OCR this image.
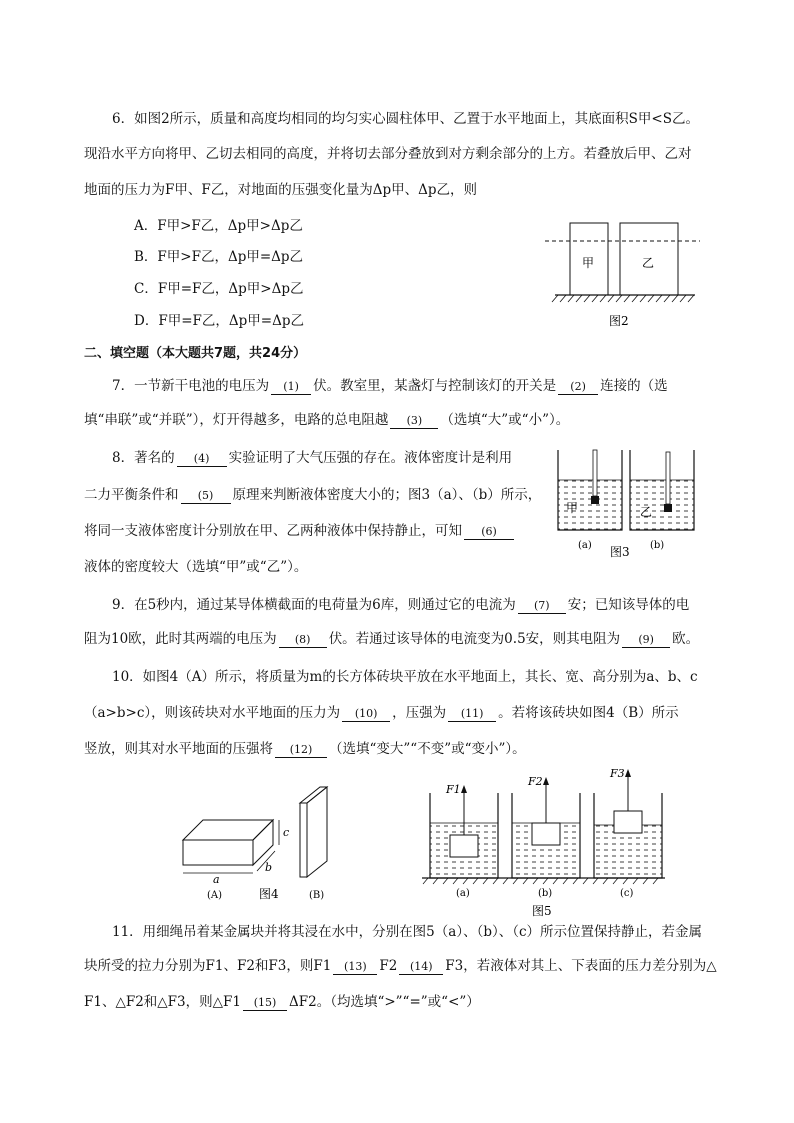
6．如图2所示，质量和高度均相同的均匀实心圆柱体甲、乙置于水平地面上，其底面积S甲<S乙。
现沿水平方向将甲、乙切去相同的高度，并将切去部分叠放到对方剩余部分的上方。若叠放后甲、乙对
地面的压力为F甲、F乙，对地面的压强变化量为Δp甲、Δp乙，则
A．F甲>F乙，Δp甲>Δp乙
B．F甲>F乙，Δp甲=Δp乙
C．F甲=F乙，Δp甲>Δp乙
D．F甲=F乙，Δp甲=Δp乙
甲	乙
图2
二、填空题（本大题共7题，共24分）
7．一节新干电池的电压为 (1) 伏。教室里，某盏灯与控制该灯的开关是 (2) 连接的（选
填“串联”或“并联”），灯开得越多，电路的总电阻越 (3) （选填“大”或“小”）。
8．著名的 (4) 实验证明了大气压强的存在。液体密度计是利用
二力平衡条件和 (5) 原理来判断液体密度大小的；图3（a）、（b）所示，
将同一支液体密度计分别放在甲、乙两种液体中保持静止，可知 (6)
液体的密度较大（选填“甲”或“乙”）。
甲	乙
(a)	(b)
图3
9．在5秒内，通过某导体横截面的电荷量为6库，则通过它的电流为 (7) 安；已知该导体的电
阻为10欧，此时其两端的电压为 (8) 伏。若通过该导体的电流变为0.5安，则其电阻为 (9) 欧。
10．如图4（A）所示，将质量为m的长方体砖块平放在水平地面上，其长、宽、高分别为a、b、c
（a>b>c），则该砖块对水平地面的压力为 (10) ，压强为 (11) 。若将该砖块如图4（B）所示
竖放，则其对水平地面的压强将 (12) （选填“变大”“不变”或“变小”）。
a
b
c
(A)	图4	(B)
F1
F2
F3
(a)	(b)	(c)
图5
11．用细绳吊着某金属块并将其浸在水中，分别在图5（a）、（b）、（c）所示位置保持静止，若金属
块所受的拉力分别为F1、F2和F3，则F1 (13) F2 (14) F3，若液体对其上、下表面的压力差分别为△
F1、△F2和△F3，则△F1 (15) ΔF2。（均选填“>”“=”或“<”）
